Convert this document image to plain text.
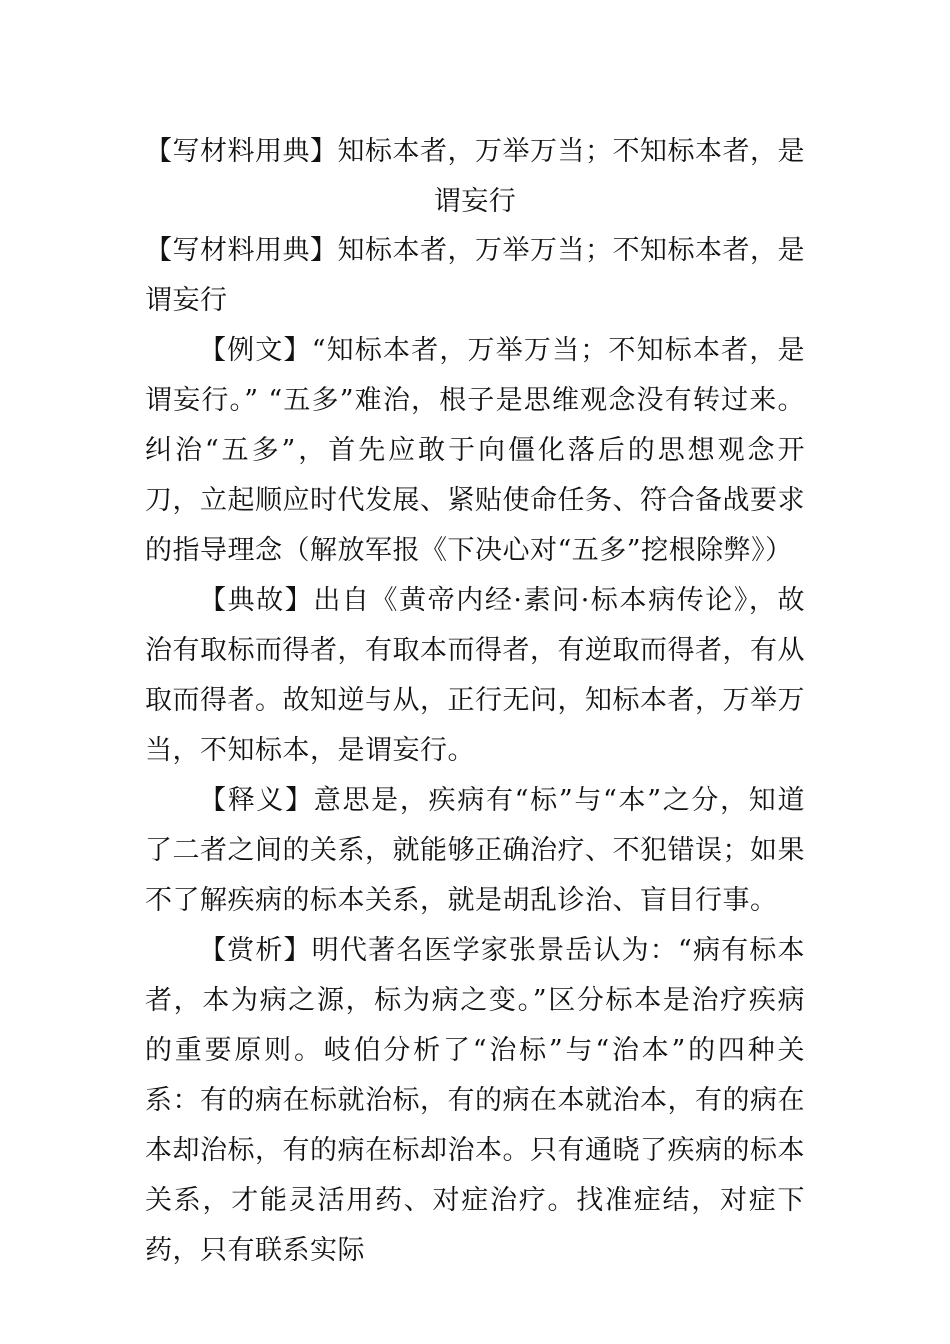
【写材料用典】知标本者，万举万当；不知标本者，是谓妄行
【写材料用典】知标本者，万举万当；不知标本者，是谓妄行

【例文】“知标本者，万举万当；不知标本者，是谓妄行。” “五多”难治，根子是思维观念没有转过来。纠治“五多”，首先应敢于向僵化落后的思想观念开刀，立起顺应时代发展、紧贴使命任务、符合备战要求的指导理念（解放军报《下决心对“五多”挖根除弊》）

【典故】出自《黄帝内经·素问·标本病传论》，故治有取标而得者，有取本而得者，有逆取而得者，有从取而得者。故知逆与从，正行无问，知标本者，万举万当，不知标本，是谓妄行。

【释义】意思是，疾病有“标”与“本”之分，知道了二者之间的关系，就能够正确治疗、不犯错误；如果不了解疾病的标本关系，就是胡乱诊治、盲目行事。

【赏析】明代著名医学家张景岳认为：“病有标本者，本为病之源，标为病之变。”区分标本是治疗疾病的重要原则。岐伯分析了“治标”与“治本”的四种关系：有的病在标就治标，有的病在本就治本，有的病在本却治标，有的病在标却治本。只有通晓了疾病的标本关系，才能灵活用药、对症治疗。找准症结，对症下药，只有联系实际
